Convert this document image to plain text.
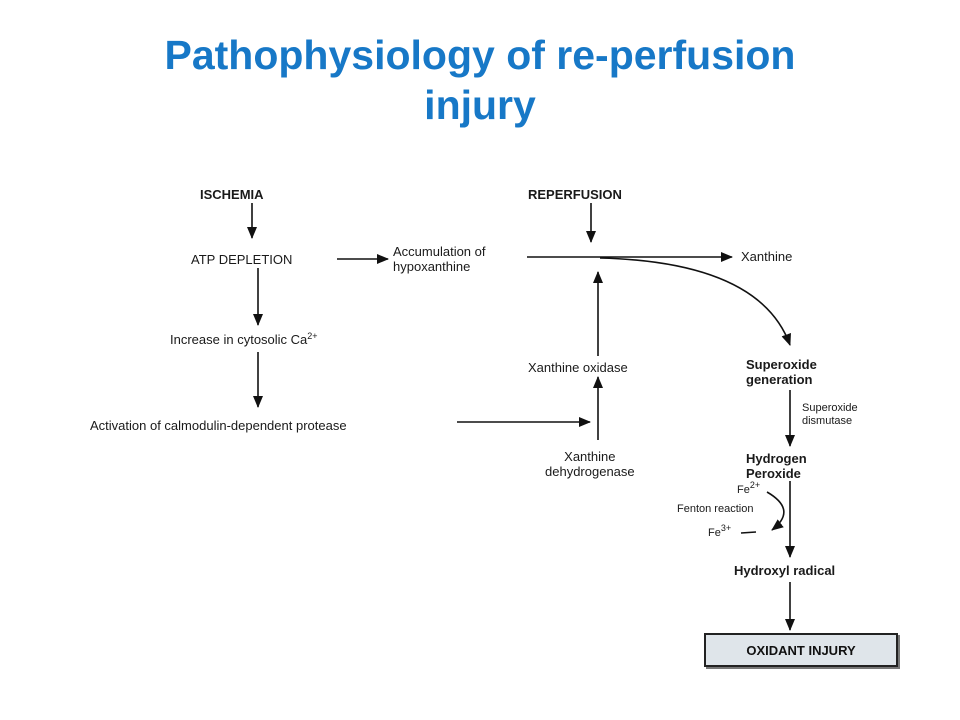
Pathophysiology of re-perfusion
injury
ISCHEMIA	REPERFUSION
ATP DEPLETION
Accumulation of
hypoxanthine
Xanthine
Increase in cytosolic $Ca^{2+}$
Activation of calmodulin-dependent protease
Xanthine oxidase
Xanthine
dehydrogenase
Superoxide
generation
Superoxide
dismutase
Hydrogen
Peroxide
$Fe^{2+}$
Fenton reaction
$Fe^{3+}$
Hydroxyl radical
OXIDANT INJURY
